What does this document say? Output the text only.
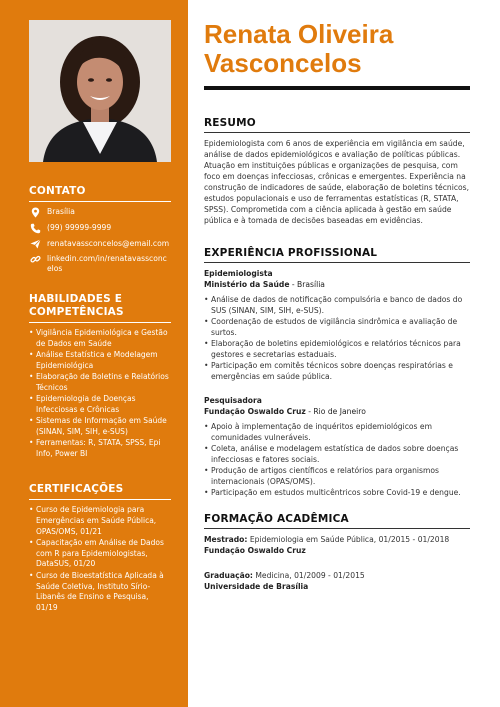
CONTATO
Brasília
(99) 99999-9999
renatavassconcelos@email.com
linkedin.com/in/renatavassconcelos
HABILIDADES E COMPETÊNCIAS
• Vigilância Epidemiológica e Gestão de Dados em Saúde
• Análise Estatística e Modelagem Epidemiológica
• Elaboração de Boletins e Relatórios Técnicos
• Epidemiologia de Doenças Infecciosas e Crônicas
• Sistemas de Informação em Saúde (SINAN, SIM, SIH, e-SUS)
• Ferramentas: R, STATA, SPSS, Epi Info, Power BI
CERTIFICAÇÕES
• Curso de Epidemiologia para Emergências em Saúde Pública, OPAS/OMS, 01/21
• Capacitação em Análise de Dados com R para Epidemiologistas, DataSUS, 01/20
• Curso de Bioestatística Aplicada à Saúde Coletiva, Instituto Sírio-Libanês de Ensino e Pesquisa, 01/19
Renata Oliveira
Vasconcelos
RESUMO
Epidemiologista com 6 anos de experiência em vigilância em saúde, análise de dados epidemiológicos e avaliação de políticas públicas. Atuação em instituições públicas e organizações de pesquisa, com foco em doenças infecciosas, crônicas e emergentes. Experiência na construção de indicadores de saúde, elaboração de boletins técnicos, estudos populacionais e uso de ferramentas estatísticas (R, STATA, SPSS). Comprometida com a ciência aplicada à gestão em saúde pública e à tomada de decisões baseadas em evidências.
EXPERIÊNCIA PROFISSIONAL
Epidemiologista
Ministério da Saúde - Brasília
• Análise de dados de notificação compulsória e banco de dados do SUS (SINAN, SIM, SIH, e-SUS).
• Coordenação de estudos de vigilância sindrômica e avaliação de surtos.
• Elaboração de boletins epidemiológicos e relatórios técnicos para gestores e secretarias estaduais.
• Participação em comitês técnicos sobre doenças respiratórias e emergências em saúde pública.
Pesquisadora
Fundação Oswaldo Cruz - Rio de Janeiro
• Apoio à implementação de inquéritos epidemiológicos em comunidades vulneráveis.
• Coleta, análise e modelagem estatística de dados sobre doenças infecciosas e fatores sociais.
• Produção de artigos científicos e relatórios para organismos internacionais (OPAS/OMS).
• Participação em estudos multicêntricos sobre Covid-19 e dengue.
FORMAÇÃO ACADÊMICA
Mestrado: Epidemiologia em Saúde Pública, 01/2015 - 01/2018
Fundação Oswaldo Cruz
Graduação: Medicina, 01/2009 - 01/2015
Universidade de Brasília
